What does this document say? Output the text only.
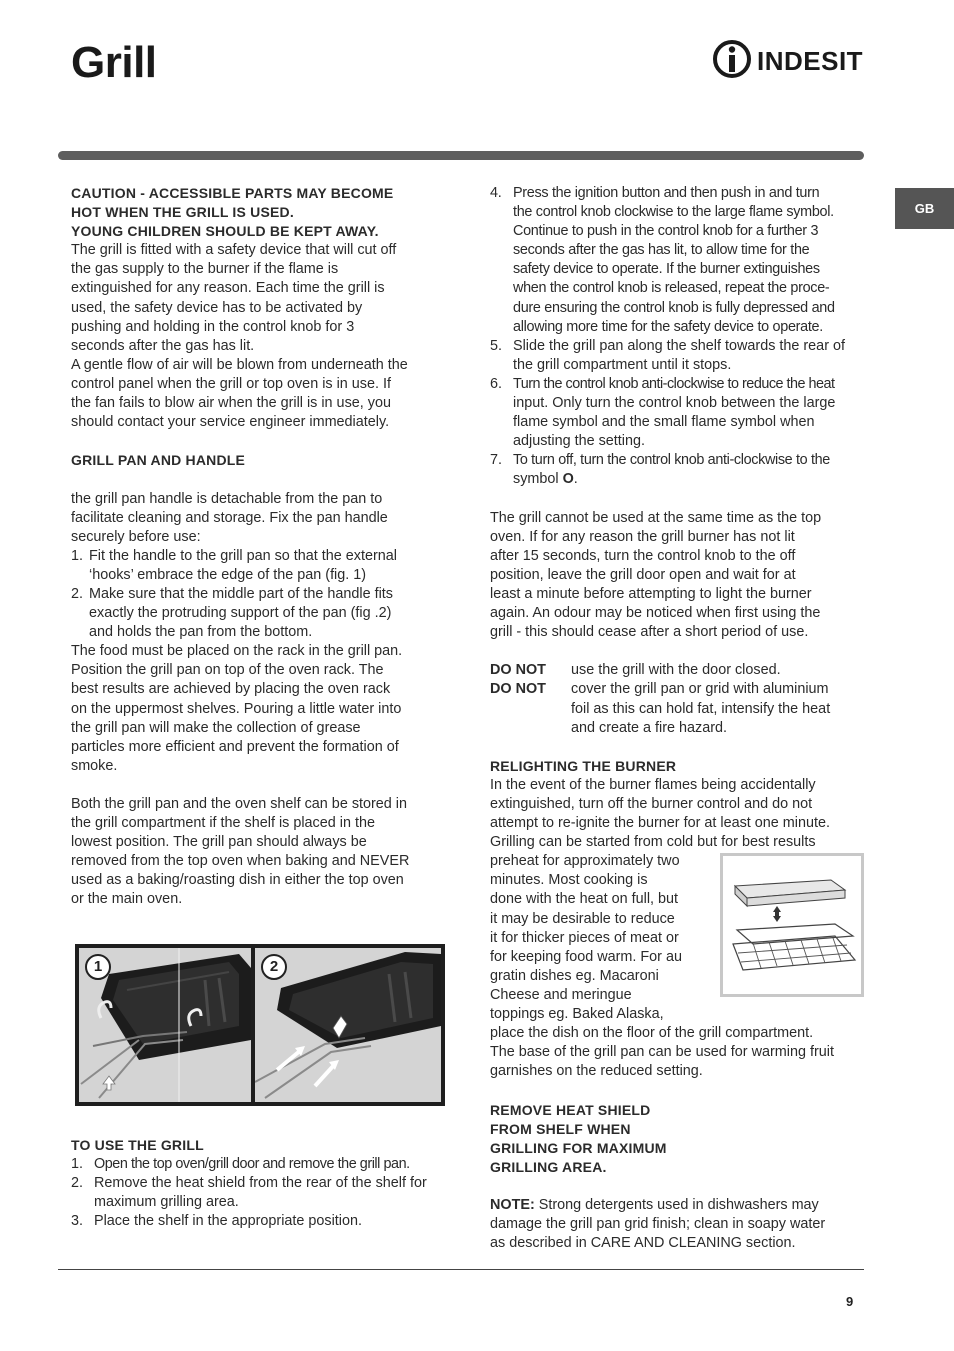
Grill	INDESIT
GB

CAUTION - ACCESSIBLE PARTS MAY BECOME

HOT WHEN THE GRILL IS USED.

YOUNG CHILDREN SHOULD BE KEPT AWAY.

The grill is fitted with a safety device that will cut off

the gas supply to the burner if the flame is

extinguished for any reason. Each time the grill is

used, the safety device has to be activated by

pushing and holding in the control knob for 3

seconds after the gas has lit.

A gentle flow of air will be blown from underneath the

control panel when the grill or top oven is in use. If

the fan fails to blow air when the grill is in use, you

should contact your service engineer immediately.

GRILL PAN AND HANDLE

the grill pan handle is detachable from the pan to

facilitate cleaning and storage. Fix the pan handle

securely before use:

1. Fit the handle to the grill pan so that the external

‘hooks’ embrace the edge of the pan (fig. 1)

2. Make sure that the middle part of the handle fits

exactly the protruding support of the pan (fig .2)

and holds the pan from the bottom.

The food must be placed on the rack in the grill pan.

Position the grill pan on top of the oven rack. The

best results are achieved by placing the oven rack

on the uppermost shelves. Pouring a little water into

the grill pan will make the collection of grease

particles more efficient and prevent the formation of

smoke.

Both the grill pan and the oven shelf can be stored in

the grill compartment if the shelf is placed in the

lowest position. The grill pan should always be

removed from the top oven when baking and NEVER

used as a baking/roasting dish in either the top oven

or the main oven.

1	2

TO USE THE GRILL

1. Open the top oven/grill door and remove the grill pan.

2. Remove the heat shield from the rear of the shelf for

maximum grilling area.

3. Place the shelf in the appropriate position.

4. Press the ignition button and then push in and turn

the control knob clockwise to the large flame symbol.

Continue to push in the control knob for a further 3

seconds after the gas has lit, to allow time for the

safety device to operate. If the burner extinguishes

when the control knob is released, repeat the proce-

dure ensuring the control knob is fully depressed and

allowing more time for the safety device to operate.

5. Slide the grill pan along the shelf towards the rear of

the grill compartment until it stops.

6. Turn the control knob anti-clockwise to reduce the heat

input. Only turn the control knob between the large

flame symbol and the small flame symbol when

adjusting the setting.

7. To turn off, turn the control knob anti-clockwise to the

symbol O.

The grill cannot be used at the same time as the top

oven. If for any reason the grill burner has not lit

after 15 seconds, turn the control knob to the off

position, leave the grill door open and wait for at

least a minute before attempting to light the burner

again. An odour may be noticed when first using the

grill - this should cease after a short period of use.

DO NOT	use the grill with the door closed.

DO NOT	cover the grill pan or grid with aluminium

foil as this can hold fat, intensify the heat

and create a fire hazard.

RELIGHTING THE BURNER

In the event of the burner flames being accidentally

extinguished, turn off the burner control and do not

attempt to re-ignite the burner for at least one minute.

Grilling can be started from cold but for best results

preheat for approximately two

minutes. Most cooking is

done with the heat on full, but

it may be desirable to reduce

it for thicker pieces of meat or

for keeping food warm. For au

gratin dishes eg. Macaroni

Cheese and meringue

toppings eg. Baked Alaska,

place the dish on the floor of the grill compartment.

The base of the grill pan can be used for warming fruit

garnishes on the reduced setting.

REMOVE HEAT SHIELD

FROM SHELF WHEN

GRILLING FOR MAXIMUM

GRILLING AREA.

NOTE: Strong detergents used in dishwashers may

damage the grill pan grid finish; clean in soapy water

as described in CARE AND CLEANING section.

9
